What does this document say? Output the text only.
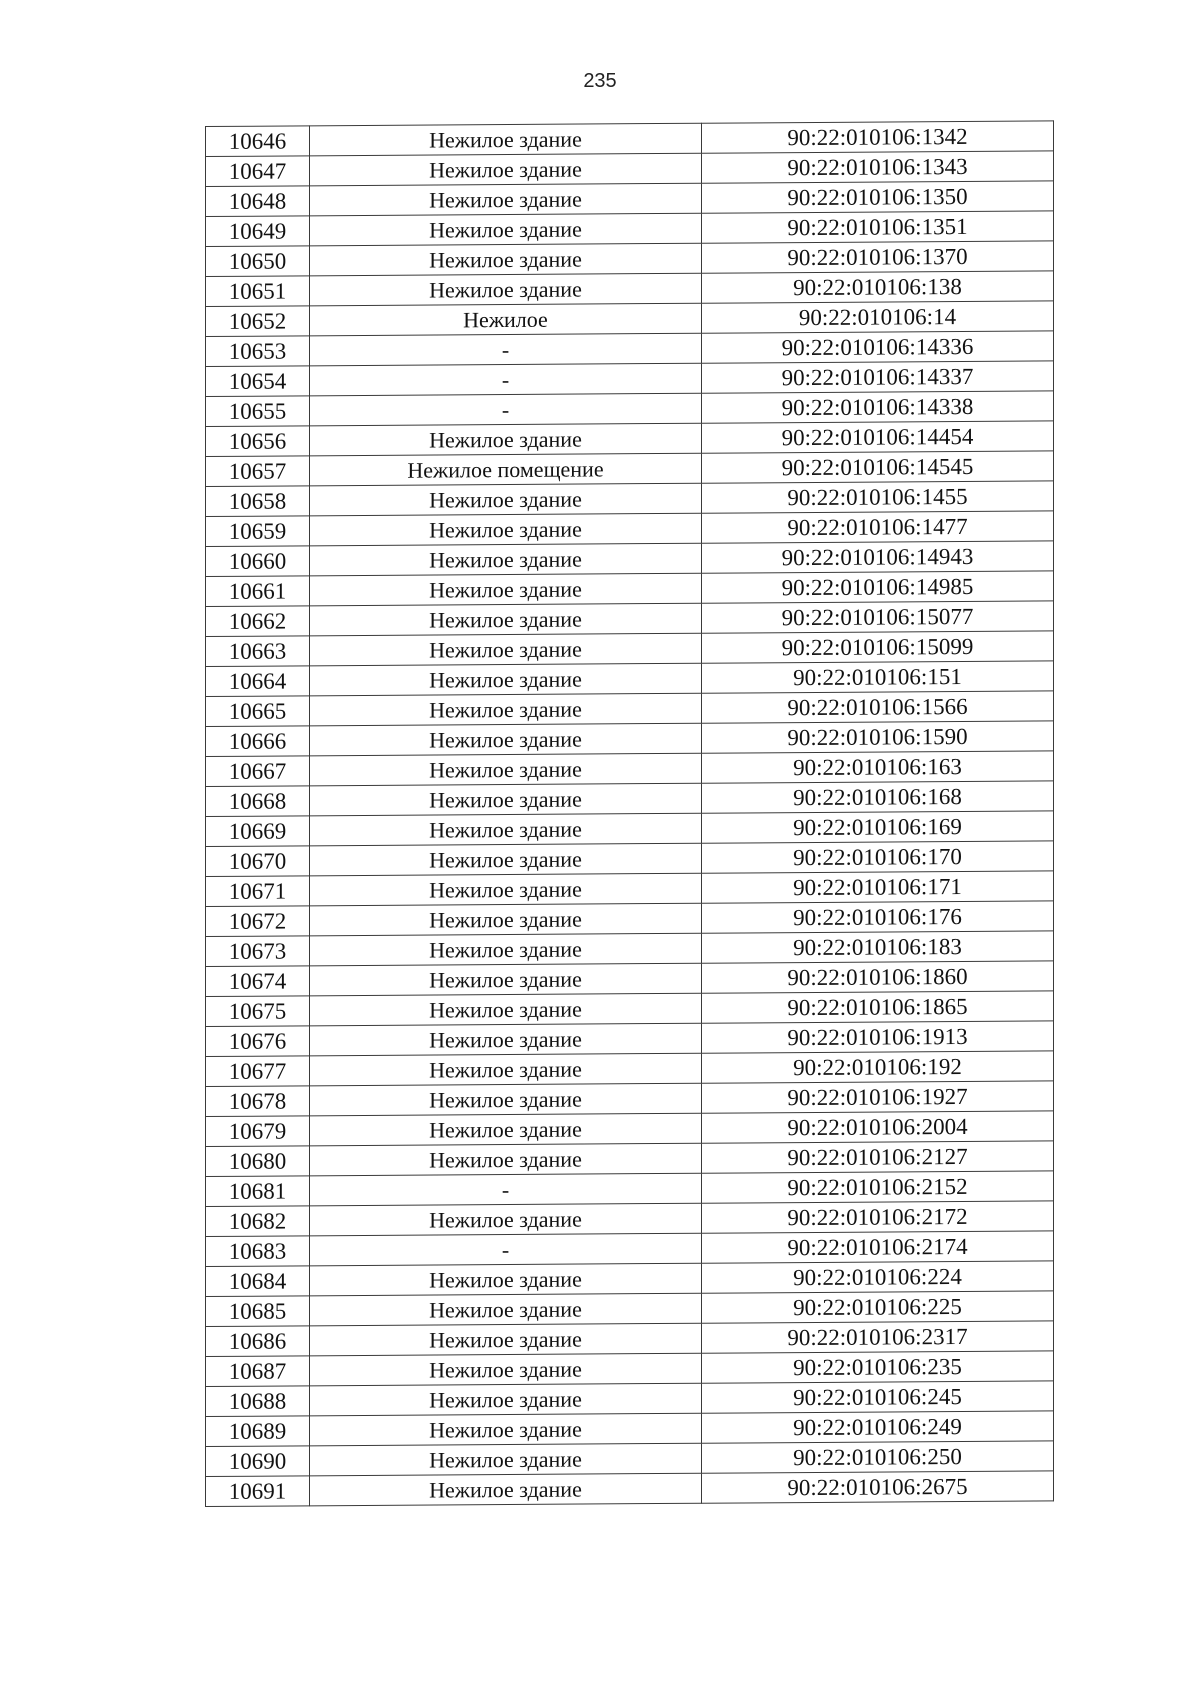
235
10646	Нежилое здание	90:22:010106:1342
10647	Нежилое здание	90:22:010106:1343
10648	Нежилое здание	90:22:010106:1350
10649	Нежилое здание	90:22:010106:1351
10650	Нежилое здание	90:22:010106:1370
10651	Нежилое здание	90:22:010106:138
10652	Нежилое	90:22:010106:14
10653	-	90:22:010106:14336
10654	-	90:22:010106:14337
10655	-	90:22:010106:14338
10656	Нежилое здание	90:22:010106:14454
10657	Нежилое помещение	90:22:010106:14545
10658	Нежилое здание	90:22:010106:1455
10659	Нежилое здание	90:22:010106:1477
10660	Нежилое здание	90:22:010106:14943
10661	Нежилое здание	90:22:010106:14985
10662	Нежилое здание	90:22:010106:15077
10663	Нежилое здание	90:22:010106:15099
10664	Нежилое здание	90:22:010106:151
10665	Нежилое здание	90:22:010106:1566
10666	Нежилое здание	90:22:010106:1590
10667	Нежилое здание	90:22:010106:163
10668	Нежилое здание	90:22:010106:168
10669	Нежилое здание	90:22:010106:169
10670	Нежилое здание	90:22:010106:170
10671	Нежилое здание	90:22:010106:171
10672	Нежилое здание	90:22:010106:176
10673	Нежилое здание	90:22:010106:183
10674	Нежилое здание	90:22:010106:1860
10675	Нежилое здание	90:22:010106:1865
10676	Нежилое здание	90:22:010106:1913
10677	Нежилое здание	90:22:010106:192
10678	Нежилое здание	90:22:010106:1927
10679	Нежилое здание	90:22:010106:2004
10680	Нежилое здание	90:22:010106:2127
10681	-	90:22:010106:2152
10682	Нежилое здание	90:22:010106:2172
10683	-	90:22:010106:2174
10684	Нежилое здание	90:22:010106:224
10685	Нежилое здание	90:22:010106:225
10686	Нежилое здание	90:22:010106:2317
10687	Нежилое здание	90:22:010106:235
10688	Нежилое здание	90:22:010106:245
10689	Нежилое здание	90:22:010106:249
10690	Нежилое здание	90:22:010106:250
10691	Нежилое здание	90:22:010106:2675
